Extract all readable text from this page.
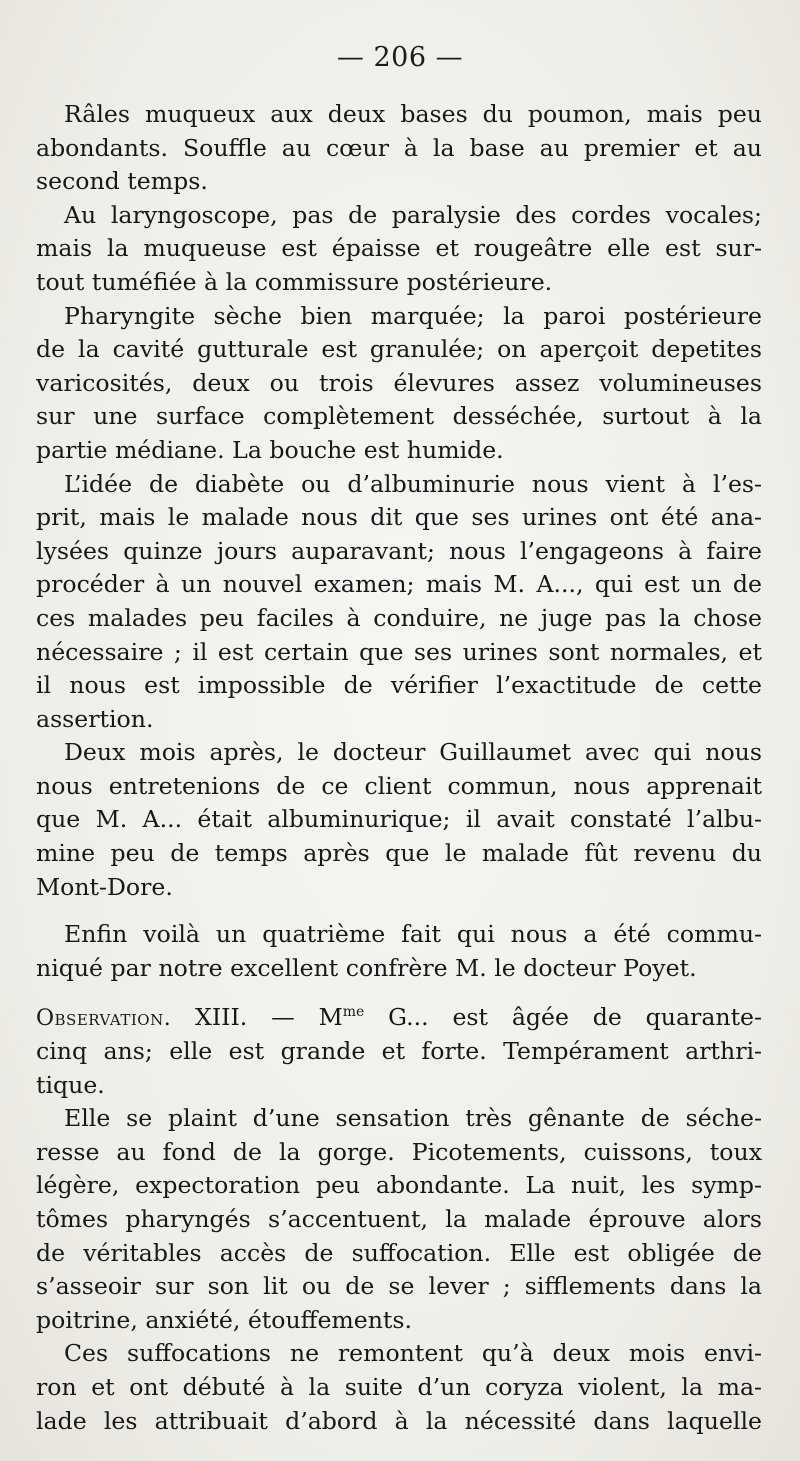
— 206 —
Râles muqueux aux deux bases du poumon, mais peu
abondants. Souffle au cœur à la base au premier et au
second temps.
Au laryngoscope, pas de paralysie des cordes vocales;
mais la muqueuse est épaisse et rougeâtre elle est sur-
tout tuméfiée à la commissure postérieure.
Pharyngite sèche bien marquée; la paroi postérieure
de la cavité gutturale est granulée; on aperçoit depetites
varicosités, deux ou trois élevures assez volumineuses
sur une surface complètement desséchée, surtout à la
partie médiane. La bouche est humide.
L’idée de diabète ou d’albuminurie nous vient à l’es-
prit, mais le malade nous dit que ses urines ont été ana-
lysées quinze jours auparavant; nous l’engageons à faire
procéder à un nouvel examen; mais M. A..., qui est un de
ces malades peu faciles à conduire, ne juge pas la chose
nécessaire ; il est certain que ses urines sont normales, et
il nous est impossible de vérifier l’exactitude de cette
assertion.
Deux mois après, le docteur Guillaumet avec qui nous
nous entretenions de ce client commun, nous apprenait
que M. A... était albuminurique; il avait constaté l’albu-
mine peu de temps après que le malade fût revenu du
Mont-Dore.
Enfin voilà un quatrième fait qui nous a été commu-
niqué par notre excellent confrère M. le docteur Poyet.
Observation. XIII. — $M^{me}$ G... est âgée de quarante-
cinq ans; elle est grande et forte. Tempérament arthri-
tique.
Elle se plaint d’une sensation très gênante de séche-
resse au fond de la gorge. Picotements, cuissons, toux
légère, expectoration peu abondante. La nuit, les symp-
tômes pharyngés s’accentuent, la malade éprouve alors
de véritables accès de suffocation. Elle est obligée de
s’asseoir sur son lit ou de se lever ; sifflements dans la
poitrine, anxiété, étouffements.
Ces suffocations ne remontent qu’à deux mois envi-
ron et ont débuté à la suite d’un coryza violent, la ma-
lade les attribuait d’abord à la nécessité dans laquelle
